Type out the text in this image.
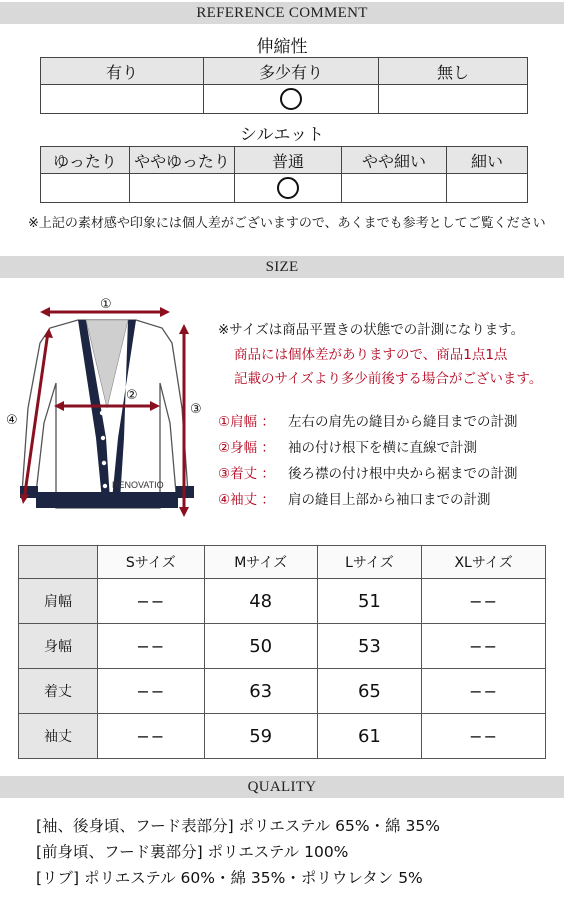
REFERENCE COMMENT
伸縮性
有り	多少有り	無し

シルエット
ゆったり	ややゆったり	普通	やや細い	細い

※上記の素材感や印象には個人差がございますので、あくまでも参考としてご覧ください
SIZE
RENOVATIO
①
②
③
④
※サイズは商品平置きの状態での計測になります。
商品には個体差がありますので、商品1点1点
記載のサイズより多少前後する場合がございます。
①肩幅 ： 左右の肩先の縫目から縫目までの計測
②身幅 ： 袖の付け根下を横に直線で計測
③着丈 ： 後ろ襟の付け根中央から裾までの計測
④袖丈 ： 肩の縫目上部から袖口までの計測
	Sサイズ	Mサイズ	Lサイズ	XLサイズ
肩幅	−−	48	51	−−
身幅	−−	50	53	−−
着丈	−−	63	65	−−
袖丈	−−	59	61	−−
QUALITY
[袖、後身頃、フード表部分] ポリエステル 65%・綿 35%
[前身頃、フード裏部分] ポリエステル 100%
[リブ] ポリエステル 60%・綿 35%・ポリウレタン 5%
